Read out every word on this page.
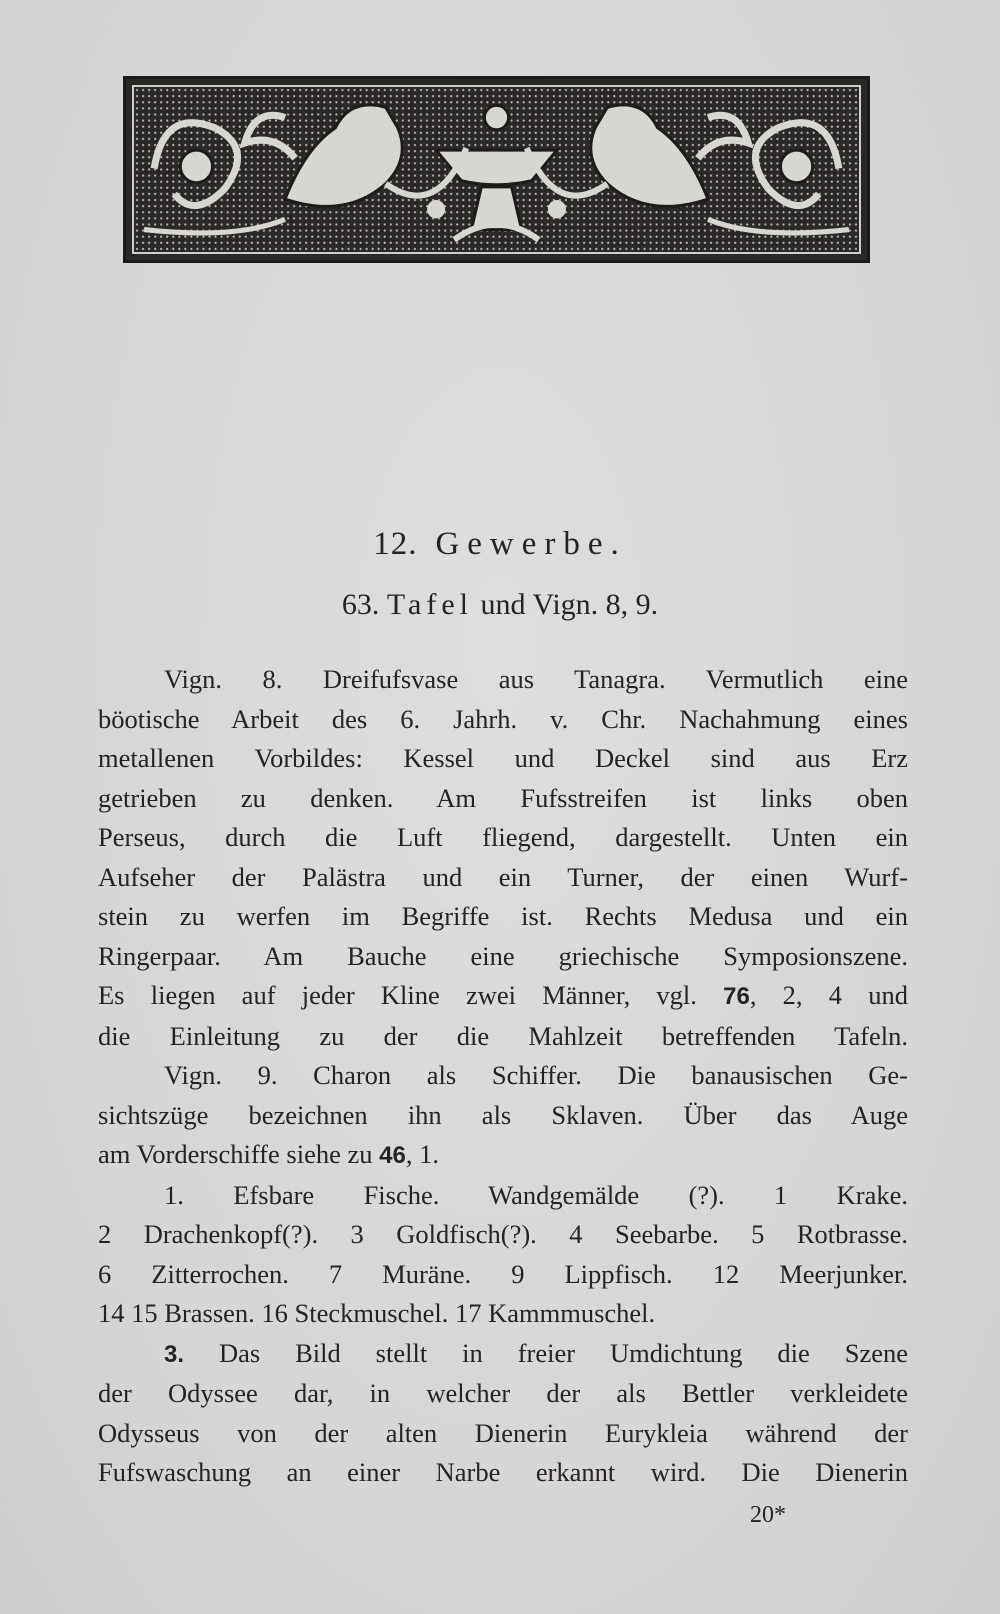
12. Gewerbe.
63. Tafel und Vign. 8, 9.

Vign. 8. Dreifufsvase aus Tanagra. Vermutlich eine
böotische Arbeit des 6. Jahrh. v. Chr. Nachahmung eines
metallenen Vorbildes: Kessel und Deckel sind aus Erz
getrieben zu denken. Am Fufsstreifen ist links oben
Perseus, durch die Luft fliegend, dargestellt. Unten ein
Aufseher der Palästra und ein Turner, der einen Wurf-
stein zu werfen im Begriffe ist. Rechts Medusa und ein
Ringerpaar. Am Bauche eine griechische Symposionszene.
Es liegen auf jeder Kline zwei Männer, vgl. 76, 2, 4 und
die Einleitung zu der die Mahlzeit betreffenden Tafeln.

Vign. 9. Charon als Schiffer. Die banausischen Ge-
sichtszüge bezeichnen ihn als Sklaven. Über das Auge
am Vorderschiffe siehe zu 46, 1.

1. Efsbare Fische. Wandgemälde (?). 1 Krake.
2 Drachenkopf(?). 3 Goldfisch(?). 4 Seebarbe. 5 Rotbrasse.
6 Zitterrochen. 7 Muräne. 9 Lippfisch. 12 Meerjunker.
14 15 Brassen. 16 Steckmuschel. 17 Kammmuschel.

3. Das Bild stellt in freier Umdichtung die Szene
der Odyssee dar, in welcher der als Bettler verkleidete
Odysseus von der alten Dienerin Eurykleia während der
Fufswaschung an einer Narbe erkannt wird. Die Dienerin

20*
